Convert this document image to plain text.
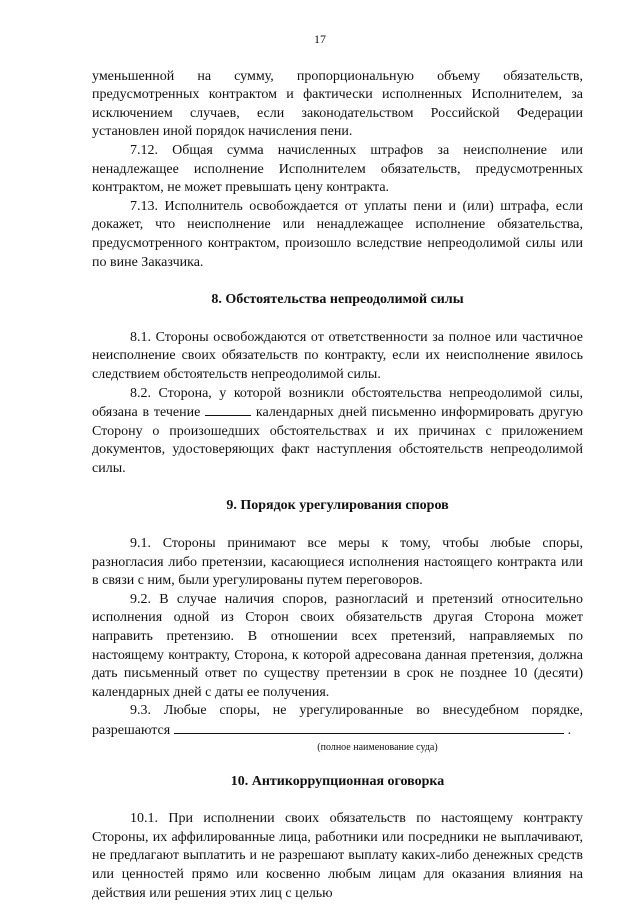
17

уменьшенной на сумму, пропорциональную объему обязательств, предусмотренных контрактом и фактически исполненных Исполнителем, за исключением случаев, если законодательством Российской Федерации установлен иной порядок начисления пени.

7.12. Общая сумма начисленных штрафов за неисполнение или ненадлежащее исполнение Исполнителем обязательств, предусмотренных контрактом, не может превышать цену контракта.

7.13. Исполнитель освобождается от уплаты пени и (или) штрафа, если докажет, что неисполнение или ненадлежащее исполнение обязательства, предусмотренного контрактом, произошло вследствие непреодолимой силы или по вине Заказчика.

8. Обстоятельства непреодолимой силы

8.1. Стороны освобождаются от ответственности за полное или частичное неисполнение своих обязательств по контракту, если их неисполнение явилось следствием обстоятельств непреодолимой силы.

8.2. Сторона, у которой возникли обстоятельства непреодолимой силы, обязана в течение	календарных дней письменно информировать другую Сторону о произошедших обстоятельствах и их причинах с приложением документов, удостоверяющих факт наступления обстоятельств непреодолимой силы.

9. Порядок урегулирования споров

9.1. Стороны принимают все меры к тому, чтобы любые споры, разногласия либо претензии, касающиеся исполнения настоящего контракта или в связи с ним, были урегулированы путем переговоров.

9.2. В случае наличия споров, разногласий и претензий относительно исполнения одной из Сторон своих обязательств другая Сторона может направить претензию. В отношении всех претензий, направляемых по настоящему контракту, Сторона, к которой адресована данная претензия, должна дать письменный ответ по существу претензии в срок не позднее 10 (десяти) календарных дней с даты ее получения.

9.3. Любые споры, не урегулированные во внесудебном порядке, разрешаются	.

(полное наименование суда)
10. Антикоррупционная оговорка

10.1. При исполнении своих обязательств по настоящему контракту Стороны, их аффилированные лица, работники или посредники не выплачивают, не предлагают выплатить и не разрешают выплату каких-либо денежных средств или ценностей прямо или косвенно любым лицам для оказания влияния на действия или решения этих лиц с целью
